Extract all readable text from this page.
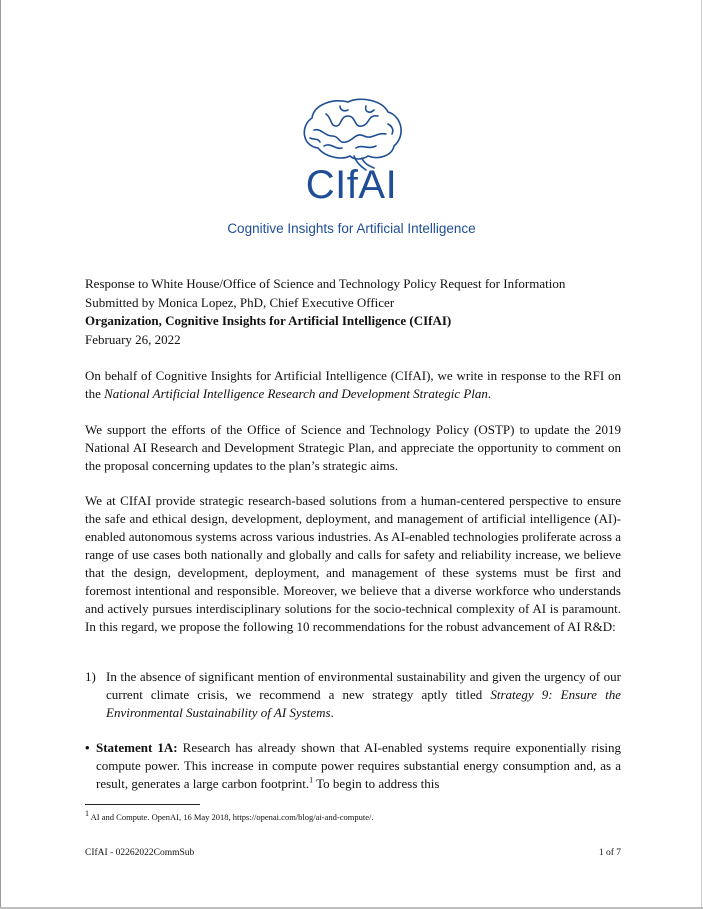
CIfAI
Cognitive Insights for Artificial Intelligence
Response to White House/Office of Science and Technology Policy Request for Information
Submitted by Monica Lopez, PhD, Chief Executive Officer
Organization, Cognitive Insights for Artificial Intelligence (CIfAI)
February 26, 2022
On behalf of Cognitive Insights for Artificial Intelligence (CIfAI), we write in response to the RFI on the National Artificial Intelligence Research and Development Strategic Plan.
We support the efforts of the Office of Science and Technology Policy (OSTP) to update the 2019 National AI Research and Development Strategic Plan, and appreciate the opportunity to comment on the proposal concerning updates to the plan’s strategic aims.
We at CIfAI provide strategic research-based solutions from a human-centered perspective to ensure the safe and ethical design, development, deployment, and management of artificial intelligence (AI)-enabled autonomous systems across various industries. As AI-enabled technologies proliferate across a range of use cases both nationally and globally and calls for safety and reliability increase, we believe that the design, development, deployment, and management of these systems must be first and foremost intentional and responsible. Moreover, we believe that a diverse workforce who understands and actively pursues interdisciplinary solutions for the socio-technical complexity of AI is paramount. In this regard, we propose the following 10 recommendations for the robust advancement of AI R&D:
1) In the absence of significant mention of environmental sustainability and given the urgency of our current climate crisis, we recommend a new strategy aptly titled Strategy 9: Ensure the Environmental Sustainability of AI Systems.
• Statement 1A: Research has already shown that AI-enabled systems require exponentially rising compute power. This increase in compute power requires substantial energy consumption and, as a result, generates a large carbon footprint.$^1$ To begin to address this
$^1$ AI and Compute. OpenAI, 16 May 2018, https://openai.com/blog/ai-and-compute/.
CIfAI - 02262022CommSub	1 of 7
